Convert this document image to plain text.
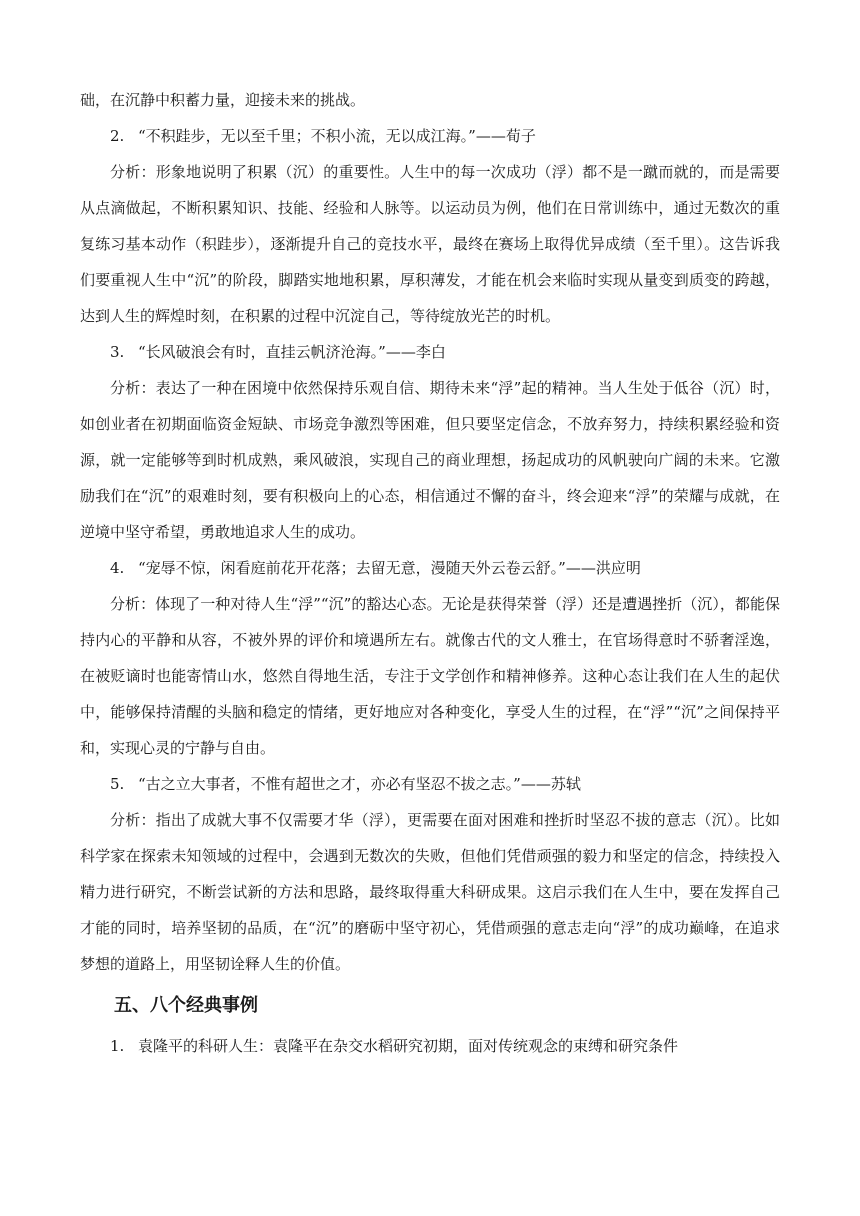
础，在沉静中积蓄力量，迎接未来的挑战。

2. “不积跬步，无以至千里；不积小流，无以成江海。”——荀子

分析：形象地说明了积累（沉）的重要性。人生中的每一次成功（浮）都不是一蹴而就的，而是需要从点滴做起，不断积累知识、技能、经验和人脉等。以运动员为例，他们在日常训练中，通过无数次的重复练习基本动作（积跬步），逐渐提升自己的竞技水平，最终在赛场上取得优异成绩（至千里）。这告诉我们要重视人生中“沉”的阶段，脚踏实地地积累，厚积薄发，才能在机会来临时实现从量变到质变的跨越，达到人生的辉煌时刻，在积累的过程中沉淀自己，等待绽放光芒的时机。

3. “长风破浪会有时，直挂云帆济沧海。”——李白

分析：表达了一种在困境中依然保持乐观自信、期待未来“浮”起的精神。当人生处于低谷（沉）时，如创业者在初期面临资金短缺、市场竞争激烈等困难，但只要坚定信念，不放弃努力，持续积累经验和资源，就一定能够等到时机成熟，乘风破浪，实现自己的商业理想，扬起成功的风帆驶向广阔的未来。它激励我们在“沉”的艰难时刻，要有积极向上的心态，相信通过不懈的奋斗，终会迎来“浮”的荣耀与成就，在逆境中坚守希望，勇敢地追求人生的成功。

4. “宠辱不惊，闲看庭前花开花落；去留无意，漫随天外云卷云舒。”——洪应明

分析：体现了一种对待人生“浮”“沉”的豁达心态。无论是获得荣誉（浮）还是遭遇挫折（沉），都能保持内心的平静和从容，不被外界的评价和境遇所左右。就像古代的文人雅士，在官场得意时不骄奢淫逸，在被贬谪时也能寄情山水，悠然自得地生活，专注于文学创作和精神修养。这种心态让我们在人生的起伏中，能够保持清醒的头脑和稳定的情绪，更好地应对各种变化，享受人生的过程，在“浮”“沉”之间保持平和，实现心灵的宁静与自由。

5. “古之立大事者，不惟有超世之才，亦必有坚忍不拔之志。”——苏轼

分析：指出了成就大事不仅需要才华（浮），更需要在面对困难和挫折时坚忍不拔的意志（沉）。比如科学家在探索未知领域的过程中，会遇到无数次的失败，但他们凭借顽强的毅力和坚定的信念，持续投入精力进行研究，不断尝试新的方法和思路，最终取得重大科研成果。这启示我们在人生中，要在发挥自己才能的同时，培养坚韧的品质，在“沉”的磨砺中坚守初心，凭借顽强的意志走向“浮”的成功巅峰，在追求梦想的道路上，用坚韧诠释人生的价值。

五、八个经典事例

1. 袁隆平的科研人生：袁隆平在杂交水稻研究初期，面对传统观念的束缚和研究条件
